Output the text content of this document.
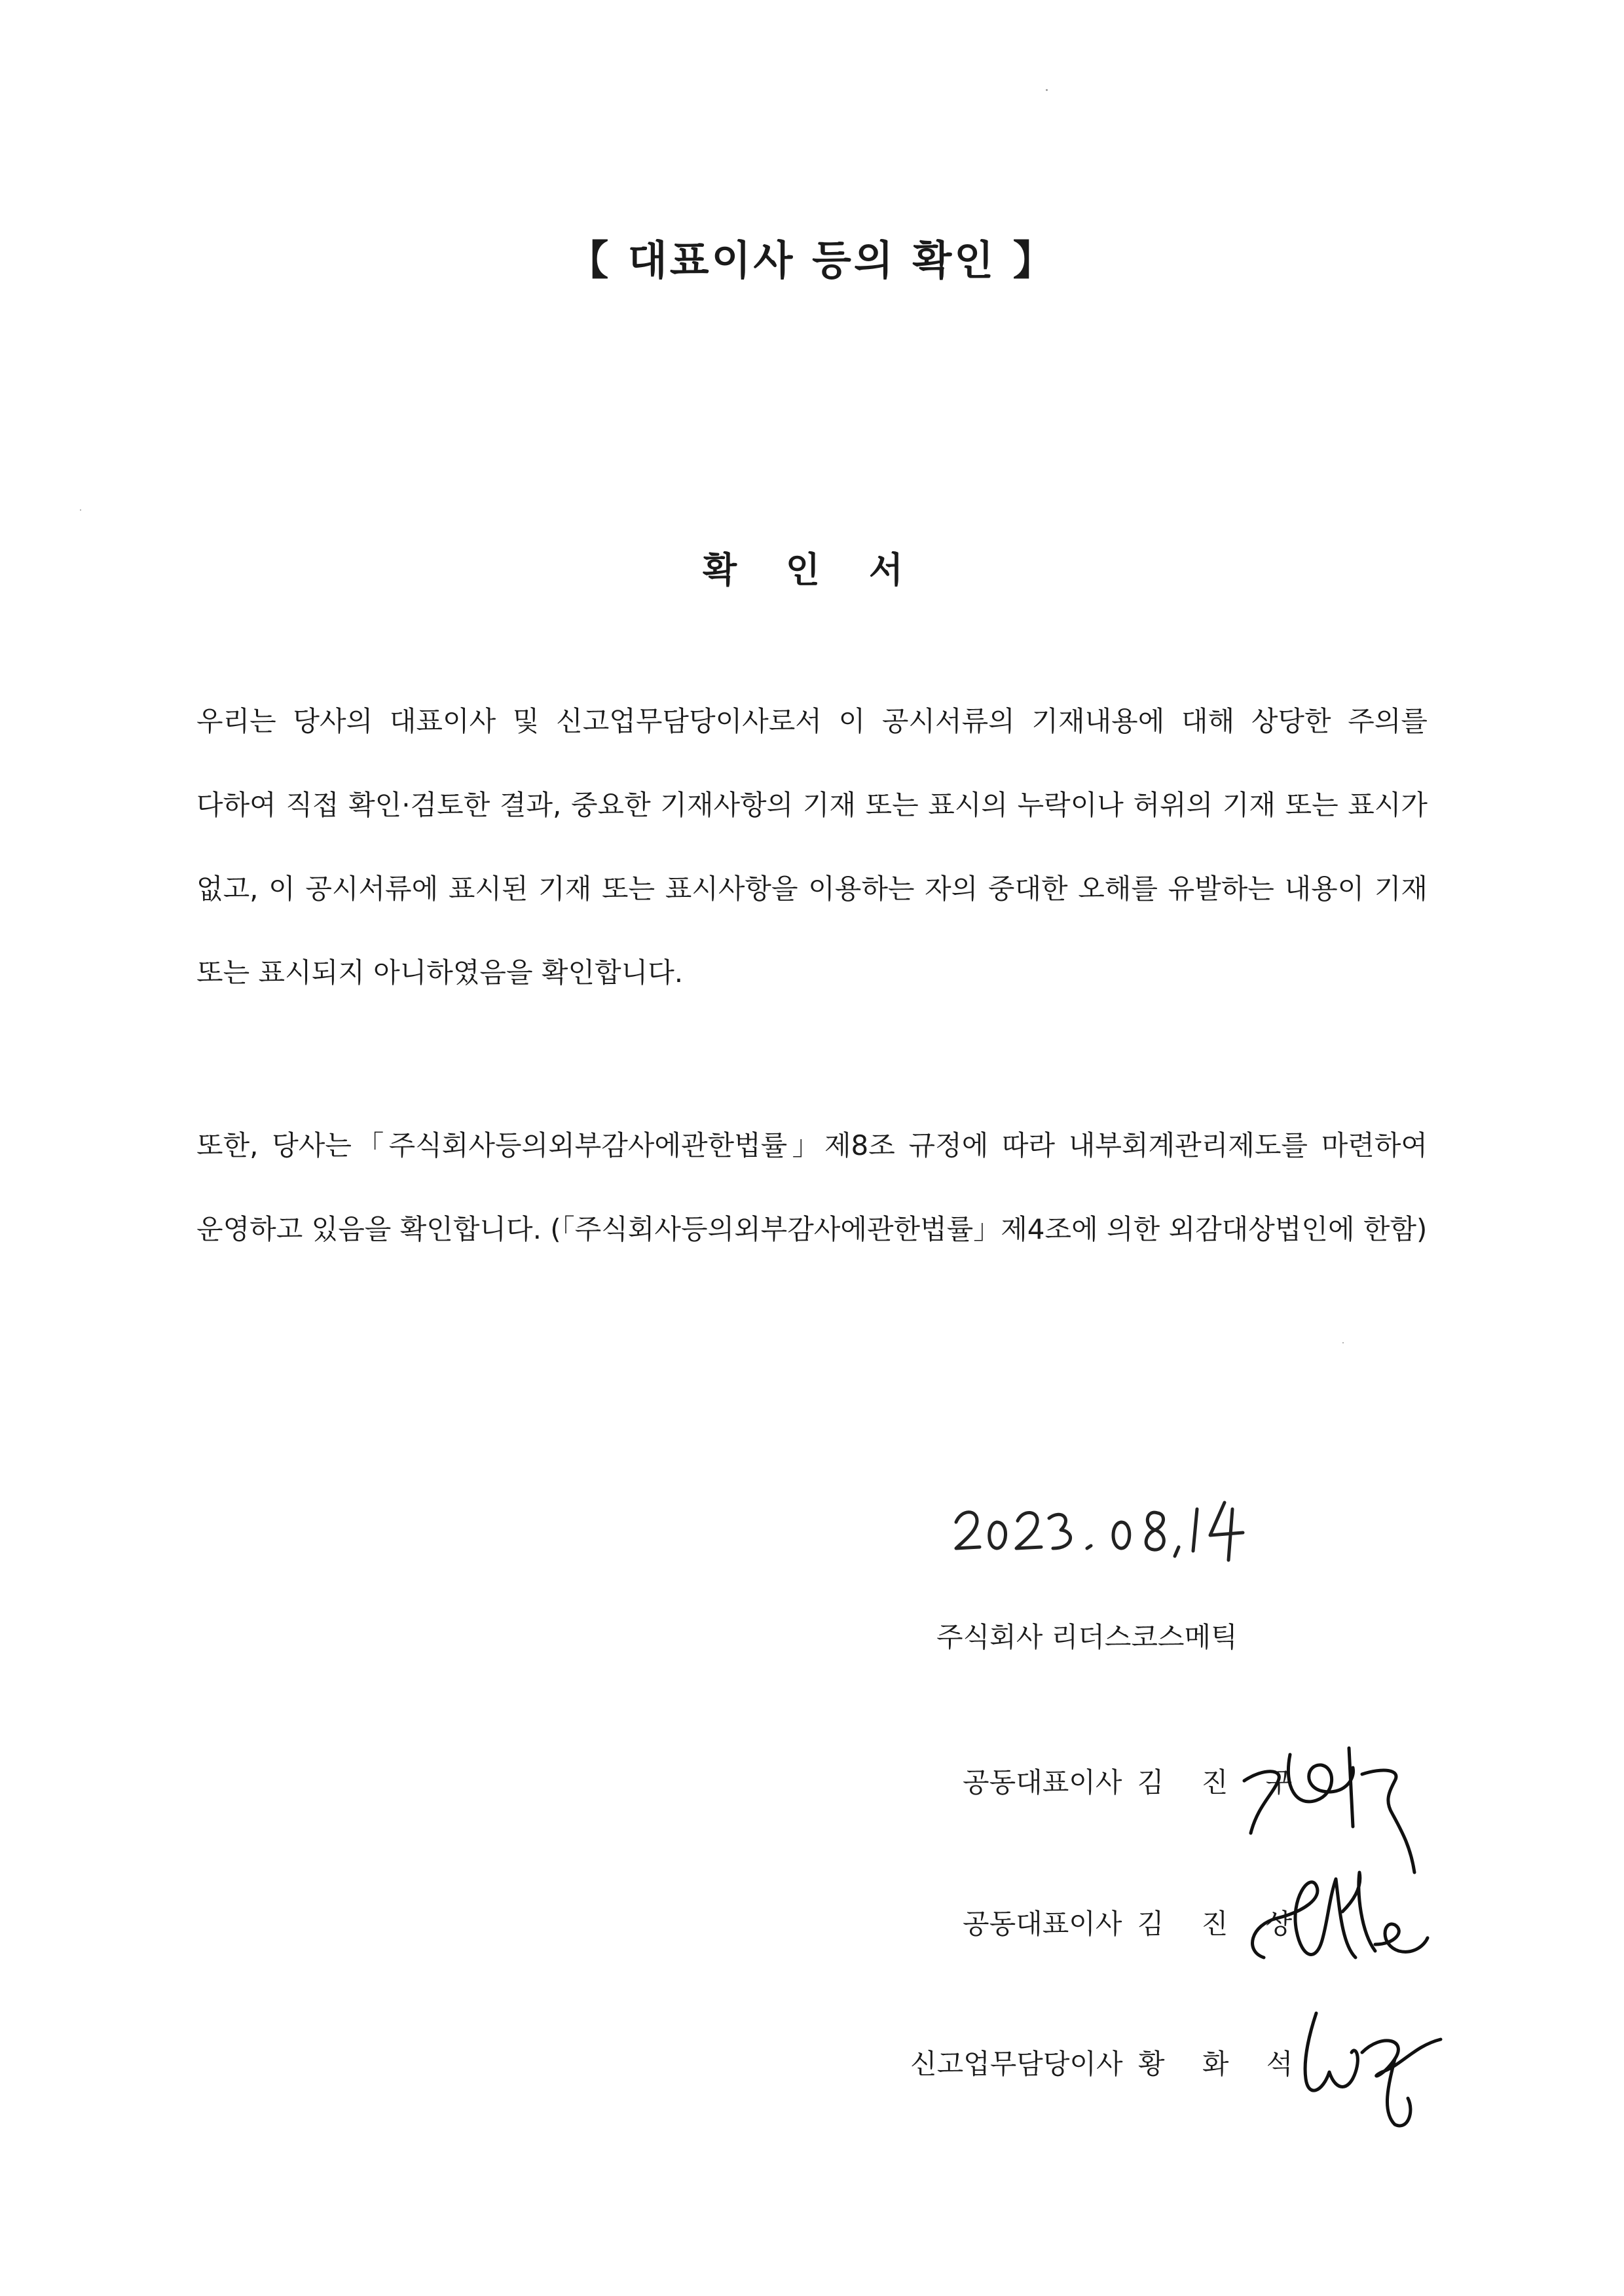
【 대표이사 등의 확인 】
확 인 서

우리는 당사의 대표이사 및 신고업무담당이사로서 이 공시서류의 기재내용에 대해 상당한 주의를 다하여 직접 확인·검토한 결과, 중요한 기재사항의 기재 또는 표시의 누락이나 허위의 기재 또는 표시가 없고, 이 공시서류에 표시된 기재 또는 표시사항을 이용하는 자의 중대한 오해를 유발하는 내용이 기재 또는 표시되지 아니하였음을 확인합니다.

또한, 당사는「주식회사등의외부감사에관한법률」제8조 규정에 따라 내부회계관리제도를 마련하여 운영하고 있음을 확인합니다. (「주식회사등의외부감사에관한법률」제4조에 의한 외감대상법인에 한함)

주식회사 리더스코스메틱
공동대표이사 김 진 구
공동대표이사 김 진 상
신고업무담당이사 황 화 석
